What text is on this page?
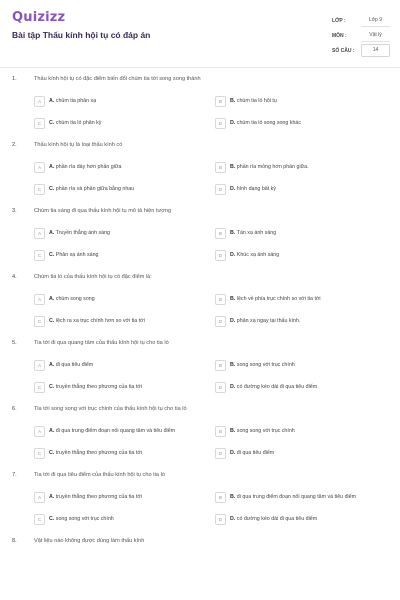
Quizizz
Bài tập Thấu kính hội tụ có đáp án
LỚP :	Lớp 9
MÔN :	Vật lý
SỐ CÂU :	14
1.	Thấu kính hội tụ có đặc điểm biến đổi chùm tia tới song song thành
A	A. chùm tia phản xạ	B	B. chùm tia ló hội tụ
C	C. chùm tia ló phân kỳ	D	D. chùm tia ló song song khác
2.	Thấu kính hội tụ là loại thấu kính có
A	A. phần rìa dày hơn phần giữa	B	B. phần rìa mỏng hơn phần giữa.
C	C. phần rìa và phần giữa bằng nhau	D	D. hình dạng bất kỳ
3.	Chùm tia sáng đi qua thấu kính hội tụ mô tả hiện tượng
A	A. Truyền thẳng ánh sáng	B	B. Tán xạ ánh sáng
C	C. Phản xạ ánh sáng	D	D. Khúc xạ ánh sáng
4.	Chùm tia ló của thấu kính hội tụ có đặc điểm là:
A	A. chùm song song	B	B. lệch về phía trục chính so với tia tới
C	C. lệch ra xa trục chính hơn so với tia tới	D	D. phản xạ ngay tại thấu kính.
5.	Tia tới đi qua quang tâm của thấu kính hội tụ cho tia ló
A	A. đi qua tiêu điểm	B	B. song song với trục chính
C	C. truyền thẳng theo phương của tia tới	D	D. có đường kéo dài đi qua tiêu điểm
6.	Tia tới song song với trục chính của thấu kính hội tụ cho tia ló
A	A. đi qua trung điểm đoạn nối quang tâm và tiêu điểm	B	B. song song với trục chính
C	C. truyền thẳng theo phương của tia tới	D	D. đi qua tiêu điểm
7.	Tia tới đi qua tiêu điểm của thấu kính hội tụ cho tia ló
A	A. truyền thẳng theo phương của tia tới	B	B. đi qua trung điểm đoạn nối quang tâm và tiêu điểm
C	C. song song với trục chính	D	D. có đường kéo dài đi qua tiêu điểm
8.	Vật liệu nào không được dùng làm thấu kính
